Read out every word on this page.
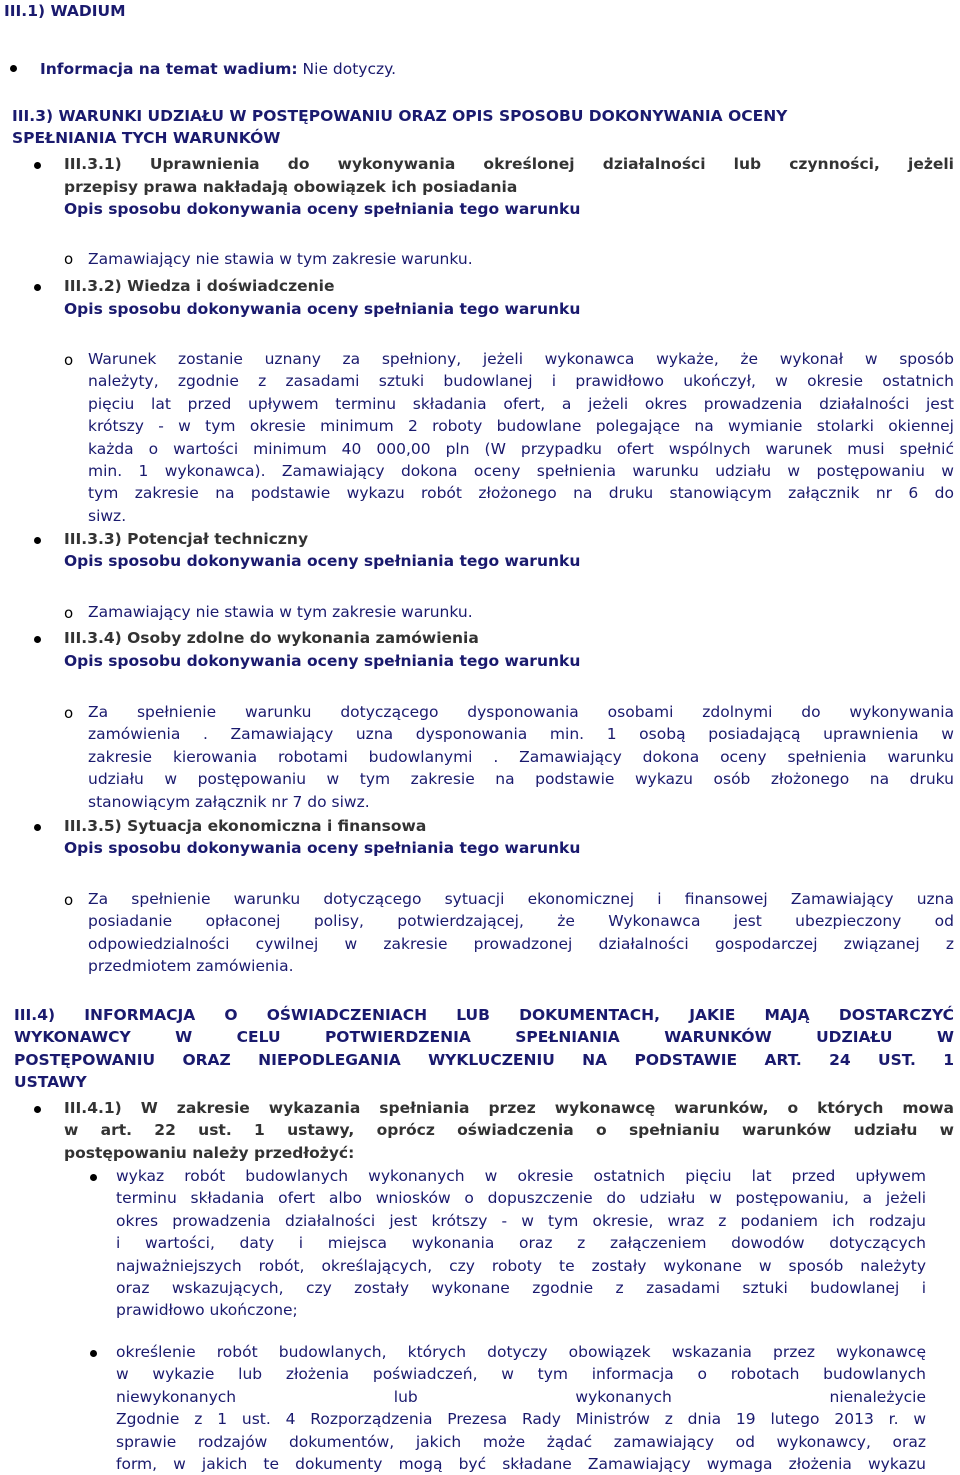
III.1) WADIUM
Informacja na temat wadium: Nie dotyczy.
III.3) WARUNKI UDZIAŁU W POSTĘPOWANIU ORAZ OPIS SPOSOBU DOKONYWANIA OCENY
SPEŁNIANIA TYCH WARUNKÓW
III.3.1) Uprawnienia do wykonywania określonej działalności lub czynności, jeżeli
przepisy prawa nakładają obowiązek ich posiadania
Opis sposobu dokonywania oceny spełniania tego warunku
o Zamawiający nie stawia w tym zakresie warunku.
III.3.2) Wiedza i doświadczenie
Opis sposobu dokonywania oceny spełniania tego warunku
o Warunek zostanie uznany za spełniony, jeżeli wykonawca wykaże, że wykonał w sposób
należyty, zgodnie z zasadami sztuki budowlanej i prawidłowo ukończył, w okresie ostatnich
pięciu lat przed upływem terminu składania ofert, a jeżeli okres prowadzenia działalności jest
krótszy - w tym okresie minimum 2 roboty budowlane polegające na wymianie stolarki okiennej
każda o wartości minimum 40 000,00 pln (W przypadku ofert wspólnych warunek musi spełnić
min. 1 wykonawca). Zamawiający dokona oceny spełnienia warunku udziału w postępowaniu w
tym zakresie na podstawie wykazu robót złożonego na druku stanowiącym załącznik nr 6 do
siwz.
III.3.3) Potencjał techniczny
Opis sposobu dokonywania oceny spełniania tego warunku
o Zamawiający nie stawia w tym zakresie warunku.
III.3.4) Osoby zdolne do wykonania zamówienia
Opis sposobu dokonywania oceny spełniania tego warunku
o Za spełnienie warunku dotyczącego dysponowania osobami zdolnymi do wykonywania
zamówienia . Zamawiający uzna dysponowania min. 1 osobą posiadającą uprawnienia w
zakresie kierowania robotami budowlanymi . Zamawiający dokona oceny spełnienia warunku
udziału w postępowaniu w tym zakresie na podstawie wykazu osób złożonego na druku
stanowiącym załącznik nr 7 do siwz.
III.3.5) Sytuacja ekonomiczna i finansowa
Opis sposobu dokonywania oceny spełniania tego warunku
o Za spełnienie warunku dotyczącego sytuacji ekonomicznej i finansowej Zamawiający uzna
posiadanie opłaconej polisy, potwierdzającej, że Wykonawca jest ubezpieczony od
odpowiedzialności cywilnej w zakresie prowadzonej działalności gospodarczej związanej z
przedmiotem zamówienia.
III.4) INFORMACJA O OŚWIADCZENIACH LUB DOKUMENTACH, JAKIE MAJĄ DOSTARCZYĆ
WYKONAWCY W CELU POTWIERDZENIA SPEŁNIANIA WARUNKÓW UDZIAŁU W
POSTĘPOWANIU ORAZ NIEPODLEGANIA WYKLUCZENIU NA PODSTAWIE ART. 24 UST. 1
USTAWY
III.4.1) W zakresie wykazania spełniania przez wykonawcę warunków, o których mowa
w art. 22 ust. 1 ustawy, oprócz oświadczenia o spełnianiu warunków udziału w
postępowaniu należy przedłożyć:
wykaz robót budowlanych wykonanych w okresie ostatnich pięciu lat przed upływem
terminu składania ofert albo wniosków o dopuszczenie do udziału w postępowaniu, a jeżeli
okres prowadzenia działalności jest krótszy - w tym okresie, wraz z podaniem ich rodzaju
i wartości, daty i miejsca wykonania oraz z załączeniem dowodów dotyczących
najważniejszych robót, określających, czy roboty te zostały wykonane w sposób należyty
oraz wskazujących, czy zostały wykonane zgodnie z zasadami sztuki budowlanej i
prawidłowo ukończone;
określenie robót budowlanych, których dotyczy obowiązek wskazania przez wykonawcę
w wykazie lub złożenia poświadczeń, w tym informacja o robotach budowlanych
niewykonanych lub wykonanych nienależycie
Zgodnie z 1 ust. 4 Rozporządzenia Prezesa Rady Ministrów z dnia 19 lutego 2013 r. w
sprawie rodzajów dokumentów, jakich może żądać zamawiający od wykonawcy, oraz
form, w jakich te dokumenty mogą być składane Zamawiający wymaga złożenia wykazu
